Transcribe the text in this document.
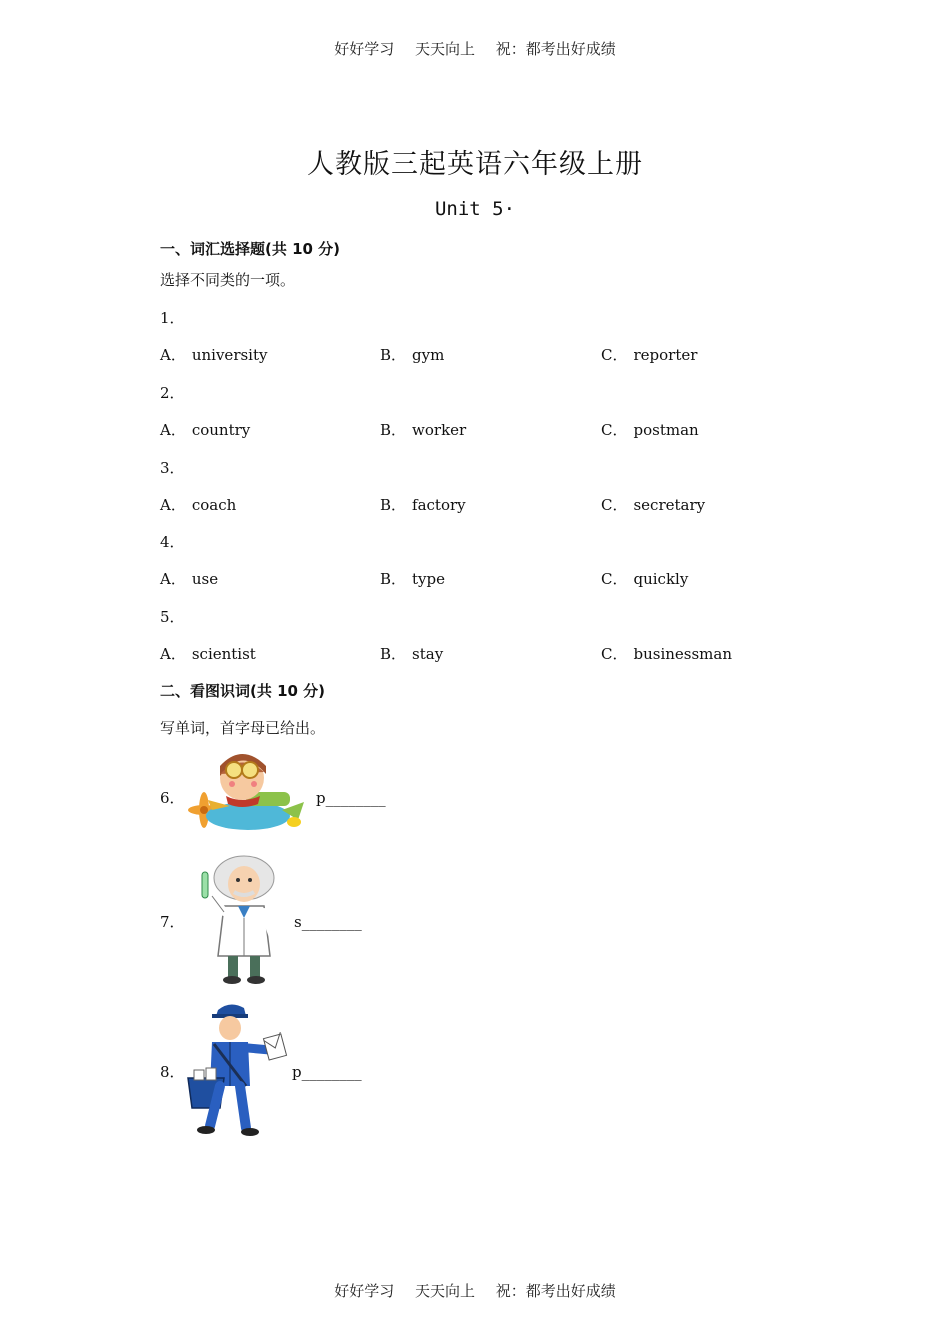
好好学习 天天向上 祝：都考出好成绩
人教版三起英语六年级上册
Unit 5·
一、词汇选择题(共 10 分)
选择不同类的一项。
1．
A． university	B． gym	C． reporter
2．
A． country	B． worker	C． postman
3．
A． coach	B． factory	C． secretary
4．
A． use	B． type	C． quickly
5．
A． scientist	B． stay	C． businessman
二、看图识词(共 10 分)
写单词，首字母已给出。
6．	p________
7．	s________
8．	p________
好好学习 天天向上 祝：都考出好成绩
